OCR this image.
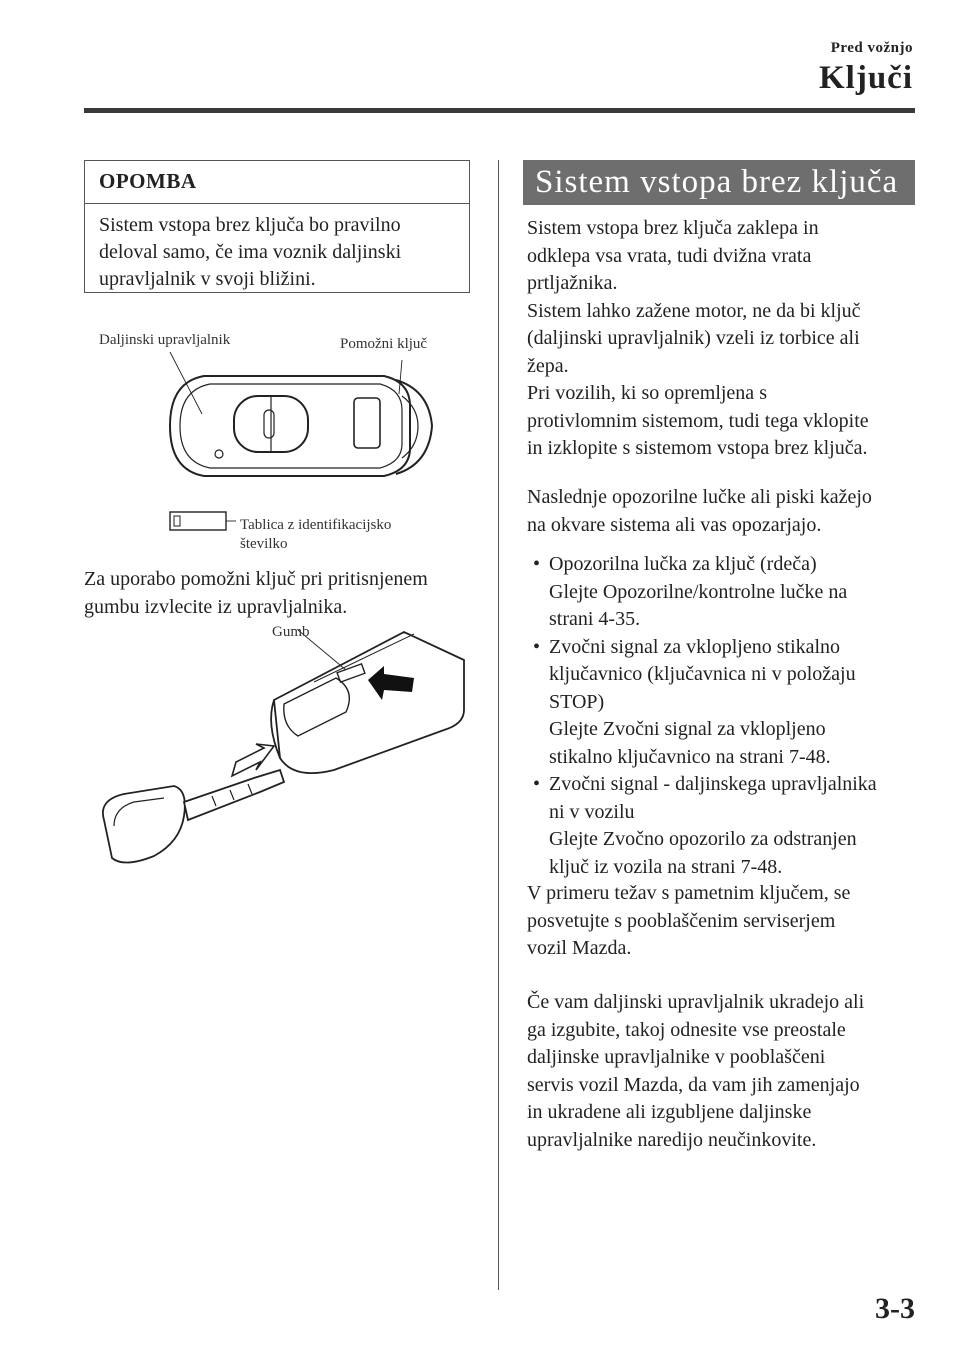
Pred vožnjo
Ključi
OPOMBA
Sistem vstopa brez ključa bo pravilno
deloval samo, če ima voznik daljinski
upravljalnik v svoji bližini.
Daljinski upravljalnik	Pomožni ključ
Tablica z identifikacijsko
številko
Za uporabo pomožni ključ pri pritisnjenem
gumbu izvlecite iz upravljalnika.
Gumb
Sistem vstopa brez ključa
Sistem vstopa brez ključa zaklepa in
odklepa vsa vrata, tudi dvižna vrata
prtljažnika.
Sistem lahko zažene motor, ne da bi ključ
(daljinski upravljalnik) vzeli iz torbice ali
žepa.
Pri vozilih, ki so opremljena s
protivlomnim sistemom, tudi tega vklopite
in izklopite s sistemom vstopa brez ključa.
Naslednje opozorilne lučke ali piski kažejo
na okvare sistema ali vas opozarjajo.
• Opozorilna lučka za ključ (rdeča)
Glejte Opozorilne/kontrolne lučke na
strani 4-35.
• Zvočni signal za vklopljeno stikalno
ključavnico (ključavnica ni v položaju
STOP)
Glejte Zvočni signal za vklopljeno
stikalno ključavnico na strani 7-48.
• Zvočni signal - daljinskega upravljalnika
ni v vozilu
Glejte Zvočno opozorilo za odstranjen
ključ iz vozila na strani 7-48.
V primeru težav s pametnim ključem, se
posvetujte s pooblaščenim serviserjem
vozil Mazda.
Če vam daljinski upravljalnik ukradejo ali
ga izgubite, takoj odnesite vse preostale
daljinske upravljalnike v pooblaščeni
servis vozil Mazda, da vam jih zamenjajo
in ukradene ali izgubljene daljinske
upravljalnike naredijo neučinkovite.
3-3
